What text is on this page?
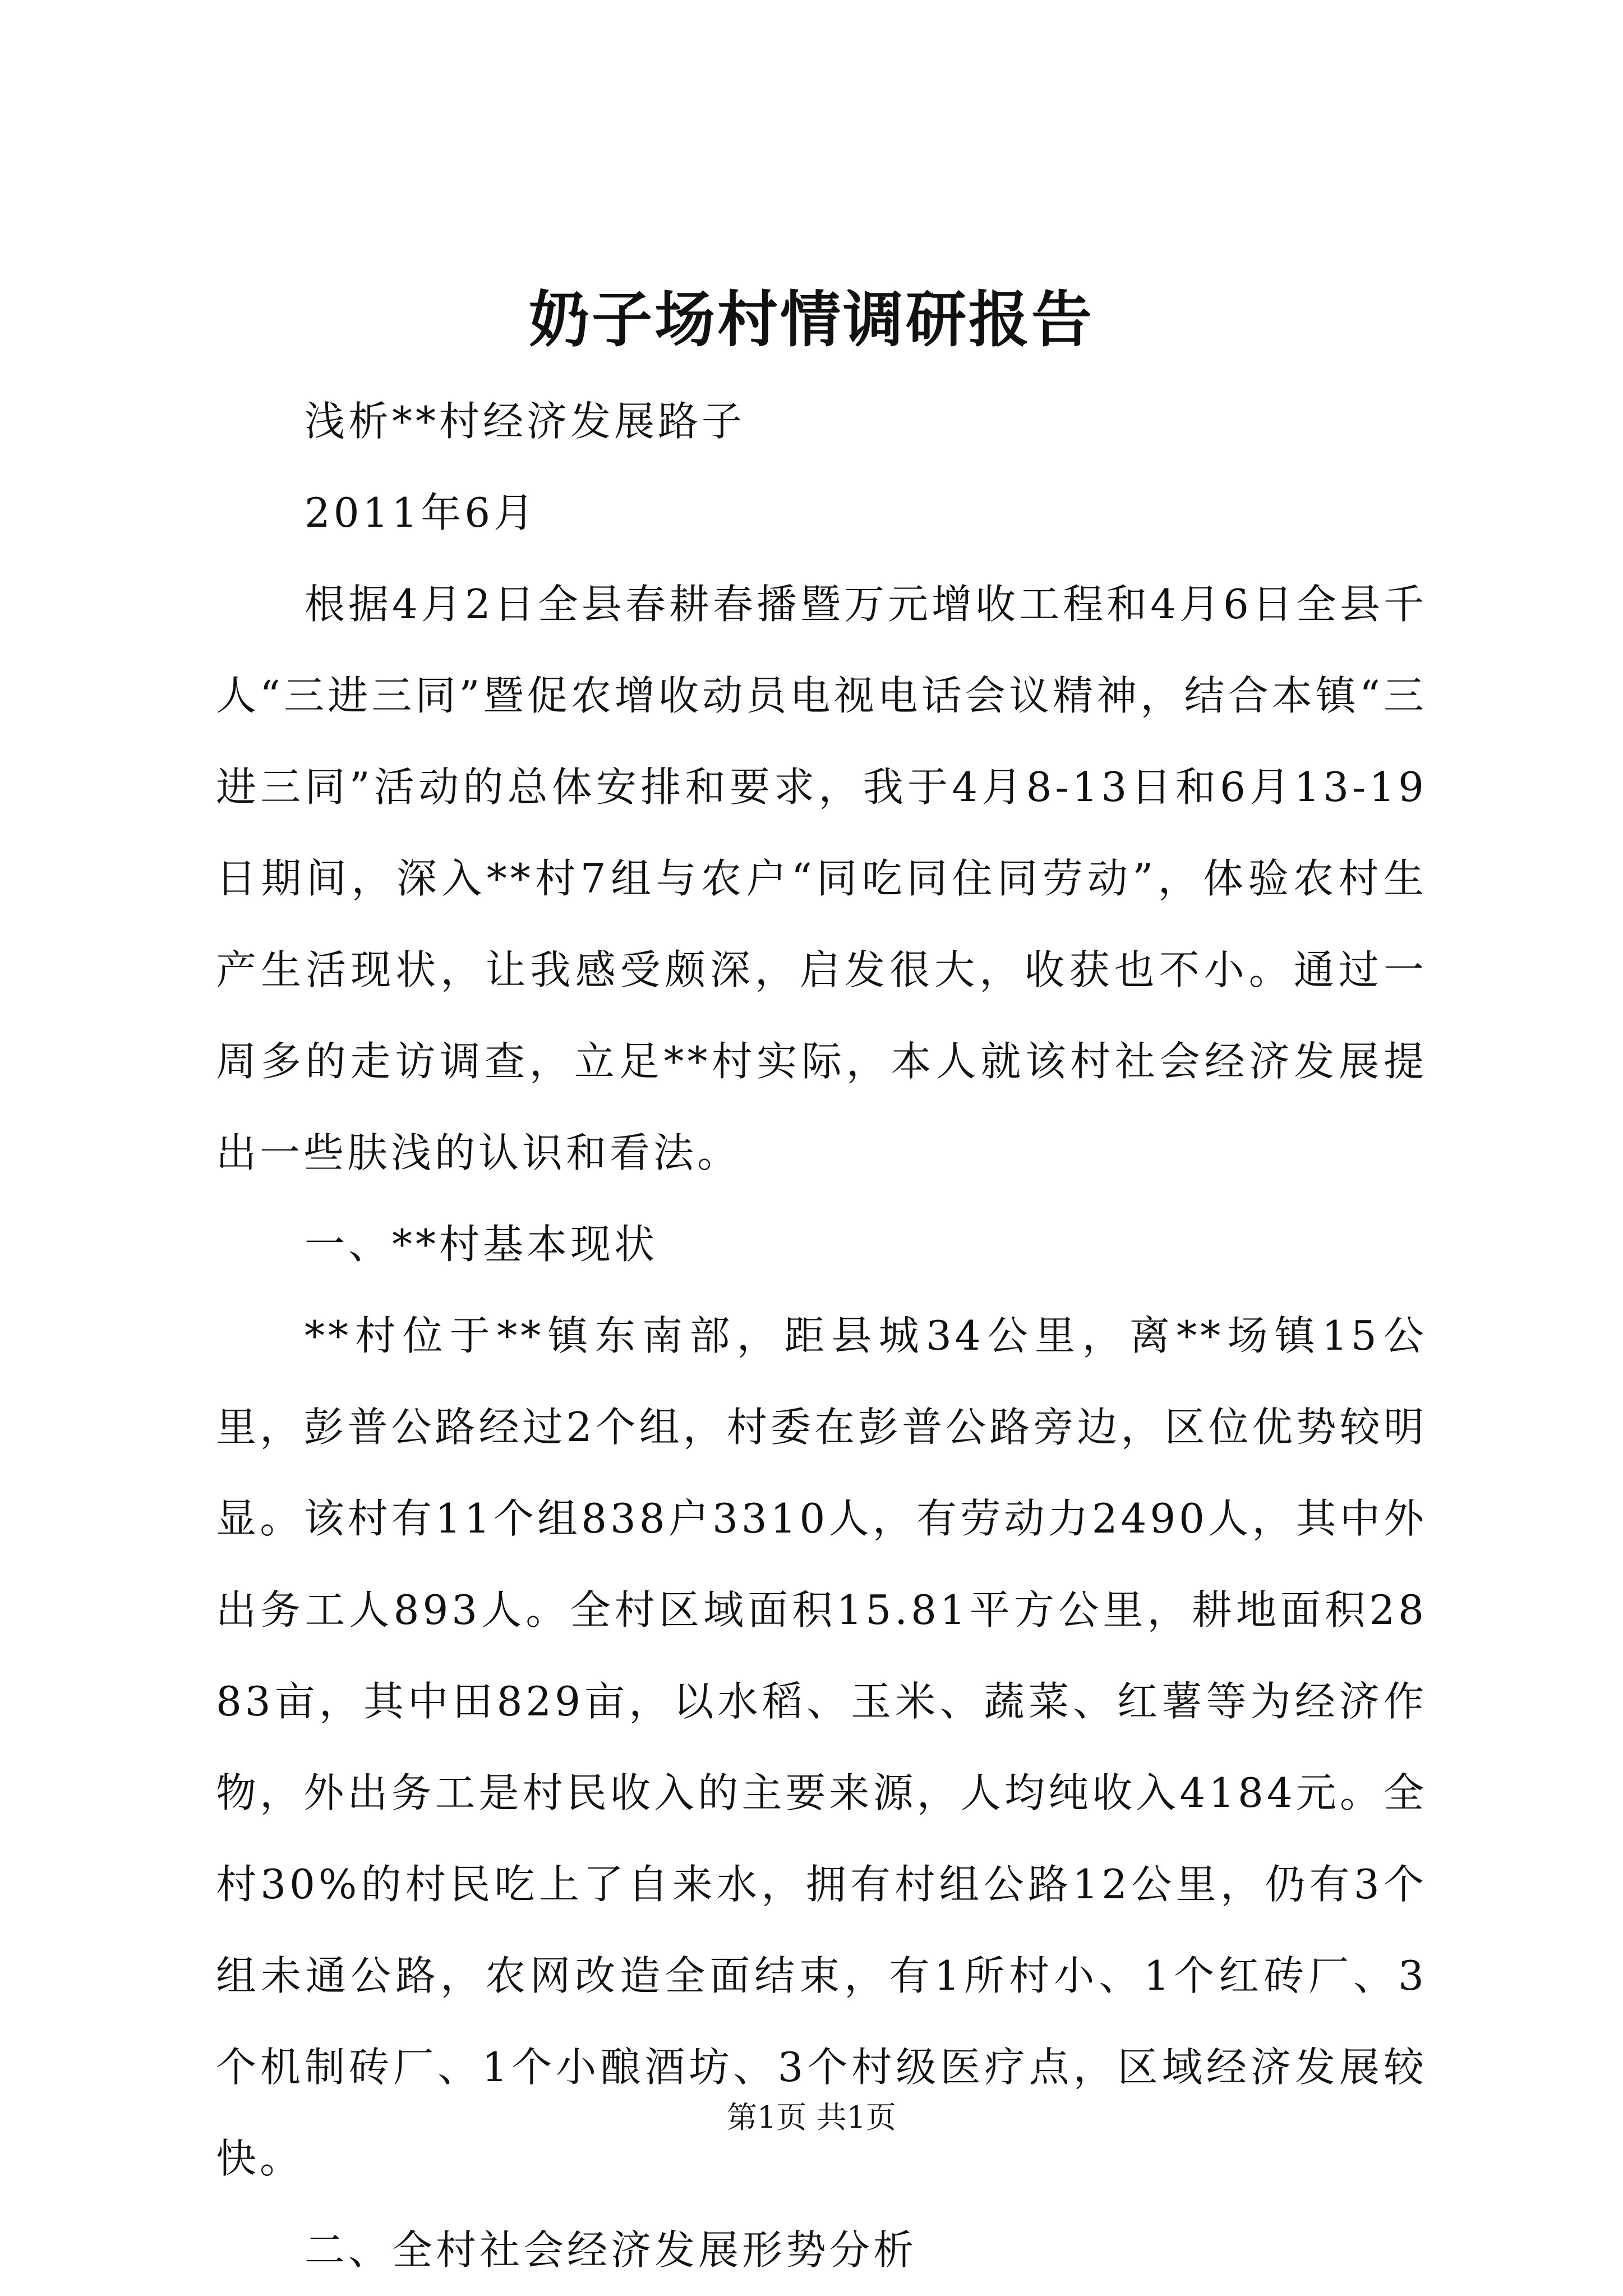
奶子场村情调研报告

浅析**村经济发展路子

2011年6月

根据4月2日全县春耕春播暨万元增收工程和4月6日全县千人“三进三同”暨促农增收动员电视电话会议精神，结合本镇“三进三同”活动的总体安排和要求，我于4月8-13日和6月13-19日期间，深入**村7组与农户“同吃同住同劳动”，体验农村生产生活现状，让我感受颇深，启发很大，收获也不小。通过一周多的走访调查，立足**村实际，本人就该村社会经济发展提出一些肤浅的认识和看法。

一、**村基本现状

**村位于**镇东南部，距县城34公里，离**场镇15公里，彭普公路经过2个组，村委在彭普公路旁边，区位优势较明显。该村有11个组838户3310人，有劳动力2490人，其中外出务工人893人。全村区域面积15.81平方公里，耕地面积2883亩，其中田829亩，以水稻、玉米、蔬菜、红薯等为经济作物，外出务工是村民收入的主要来源，人均纯收入4184元。全村30%的村民吃上了自来水，拥有村组公路12公里，仍有3个组未通公路，农网改造全面结束，有1所村小、1个红砖厂、3个机制砖厂、1个小酿酒坊、3个村级医疗点，区域经济发展较快。

二、全村社会经济发展形势分析

第1页 共1页
